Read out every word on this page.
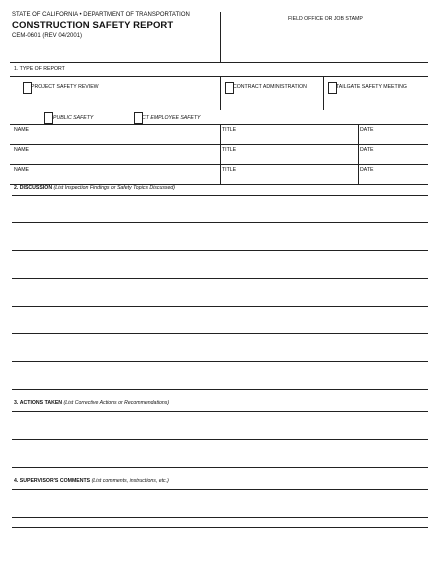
STATE OF CALIFORNIA • DEPARTMENT OF TRANSPORTATION
CONSTRUCTION SAFETY REPORT
CEM-0601 (REV 04/2001)
FIELD OFFICE OR JOB STAMP
1. TYPE OF REPORT
PROJECT SAFETY REVIEW	CONTRACT ADMINISTRATION	TAILGATE SAFETY MEETING
PUBLIC SAFETY	CT EMPLOYEE SAFETY
NAME	TITLE	DATE
NAME	TITLE	DATE
NAME	TITLE	DATE
2. DISCUSSION (List Inspection Findings or Safety Topics Discussed)
3. ACTIONS TAKEN (List Corrective Actions or Recommendations)
4. SUPERVISOR'S COMMENTS (List comments, instructions, etc.)
